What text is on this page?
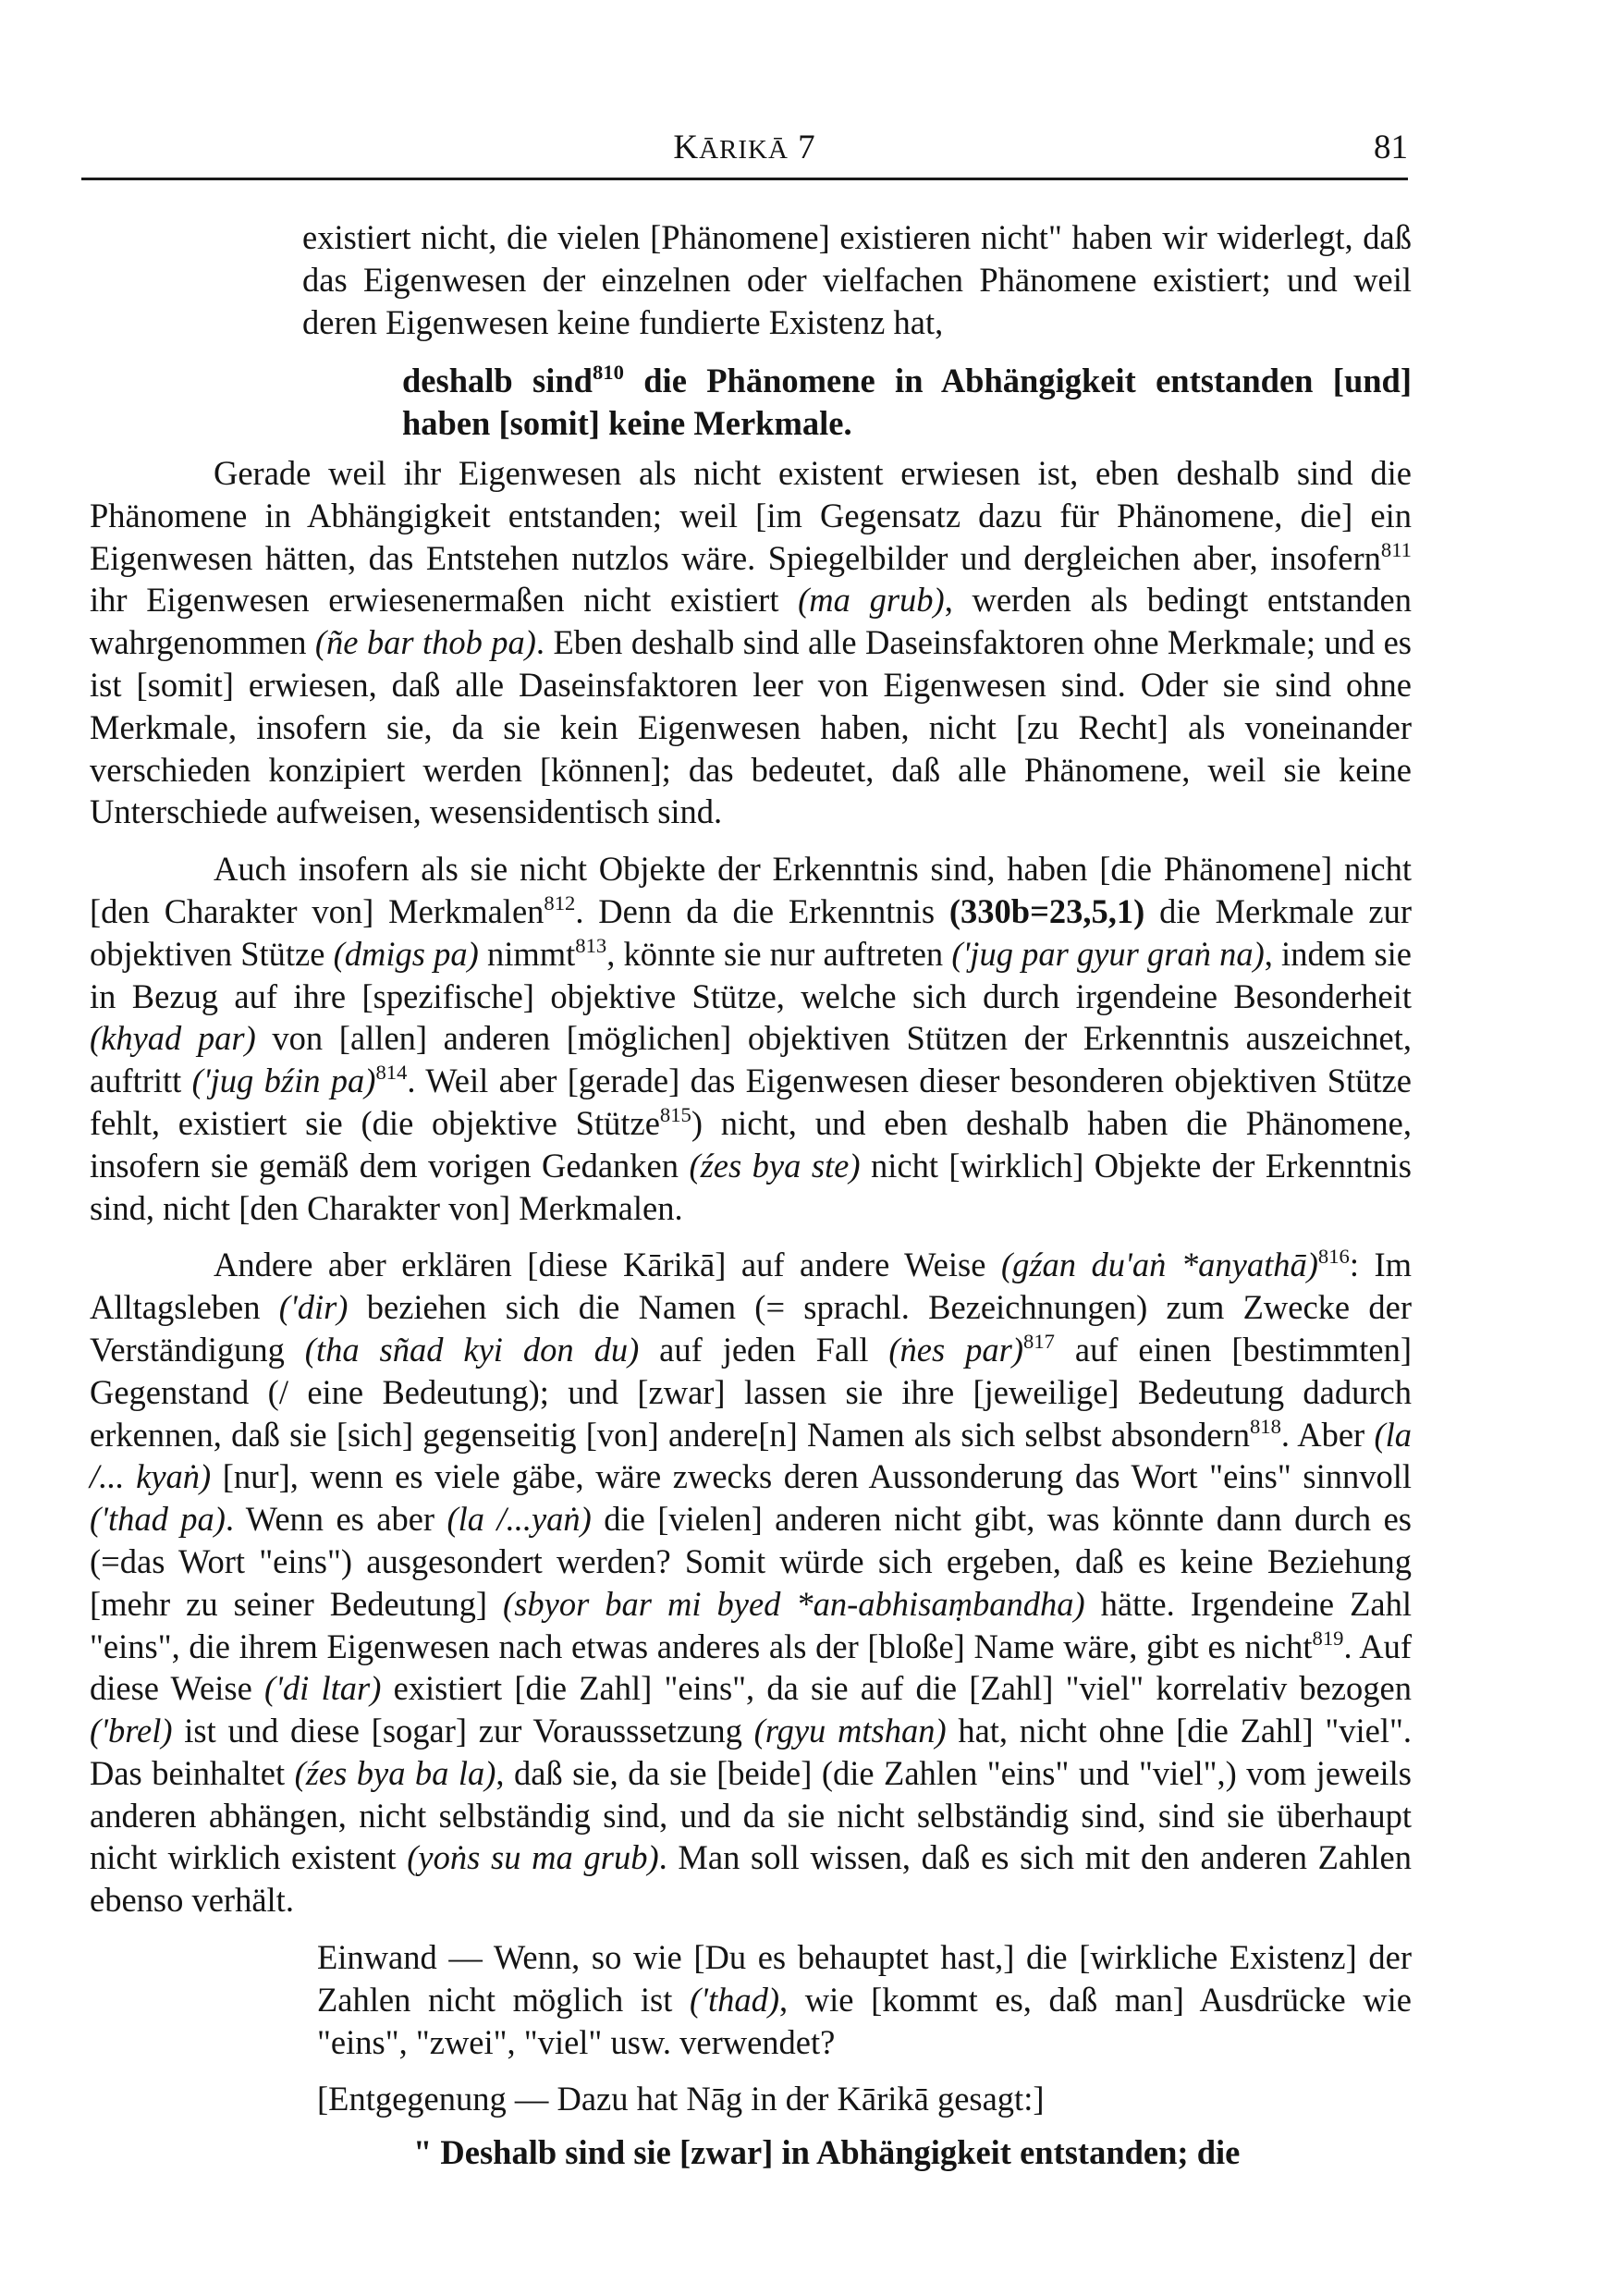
KĀRIKĀ 7	81

existiert nicht, die vielen [Phänomene] existieren nicht" haben wir widerlegt, daß das Eigenwesen der einzelnen oder vielfachen Phänomene existiert; und weil deren Eigenwesen keine fundierte Existenz hat,

deshalb sind$^{810}$ die Phänomene in Abhängigkeit entstanden [und] haben [somit] keine Merkmale.

Gerade weil ihr Eigenwesen als nicht existent erwiesen ist, eben deshalb sind die Phänomene in Abhängigkeit entstanden; weil [im Gegensatz dazu für Phänomene, die] ein Eigenwesen hätten, das Entstehen nutzlos wäre. Spiegelbilder und dergleichen aber, insofern$^{811}$ ihr Eigenwesen erwiesenermaßen nicht existiert (ma grub), werden als bedingt entstanden wahrgenommen (ñe bar thob pa). Eben deshalb sind alle Daseinsfaktoren ohne Merkmale; und es ist [somit] erwiesen, daß alle Daseinsfaktoren leer von Eigenwesen sind. Oder sie sind ohne Merkmale, insofern sie, da sie kein Eigenwesen haben, nicht [zu Recht] als voneinander verschieden konzipiert werden [können]; das bedeutet, daß alle Phänomene, weil sie keine Unterschiede aufweisen, wesensidentisch sind.

Auch insofern als sie nicht Objekte der Erkenntnis sind, haben [die Phänomene] nicht [den Charakter von] Merkmalen$^{812}$. Denn da die Erkenntnis (330b=23,5,1) die Merkmale zur objektiven Stütze (dmigs pa) nimmt$^{813}$, könnte sie nur auftreten ('jug par gyur graṅ na), indem sie in Bezug auf ihre [spezifische] objektive Stütze, welche sich durch irgendeine Besonderheit (khyad par) von [allen] anderen [möglichen] objektiven Stützen der Erkenntnis auszeichnet, auftritt ('jug bźin pa)$^{814}$. Weil aber [gerade] das Eigenwesen dieser besonderen objektiven Stütze fehlt, existiert sie (die objektive Stütze$^{815}$) nicht, und eben deshalb haben die Phänomene, insofern sie gemäß dem vorigen Gedanken (źes bya ste) nicht [wirklich] Objekte der Erkenntnis sind, nicht [den Charakter von] Merkmalen.

Andere aber erklären [diese Kārikā] auf andere Weise (gźan du'aṅ *anyathā)$^{816}$: Im Alltagsleben ('dir) beziehen sich die Namen (= sprachl. Bezeichnungen) zum Zwecke der Verständigung (tha sñad kyi don du) auf jeden Fall (ṅes par)$^{817}$ auf einen [bestimmten] Gegenstand (/ eine Bedeutung); und [zwar] lassen sie ihre [jeweilige] Bedeutung dadurch erkennen, daß sie [sich] gegenseitig [von] andere[n] Namen als sich selbst absondern$^{818}$. Aber (la /... kyaṅ) [nur], wenn es viele gäbe, wäre zwecks deren Aussonderung das Wort "eins" sinnvoll ('thad pa). Wenn es aber (la /...yaṅ) die [vielen] anderen nicht gibt, was könnte dann durch es (=das Wort "eins") ausgesondert werden? Somit würde sich ergeben, daß es keine Beziehung [mehr zu seiner Bedeutung] (sbyor bar mi byed *an-abhisaṃbandha) hätte. Irgendeine Zahl "eins", die ihrem Eigenwesen nach etwas anderes als der [bloße] Name wäre, gibt es nicht$^{819}$. Auf diese Weise ('di ltar) existiert [die Zahl] "eins", da sie auf die [Zahl] "viel" korrelativ bezogen ('brel) ist und diese [sogar] zur Vorausssetzung (rgyu mtshan) hat, nicht ohne [die Zahl] "viel". Das beinhaltet (źes bya ba la), daß sie, da sie [beide] (die Zahlen "eins" und "viel",) vom jeweils anderen abhängen, nicht selbständig sind, und da sie nicht selbständig sind, sind sie überhaupt nicht wirklich existent (yoṅs su ma grub). Man soll wissen, daß es sich mit den anderen Zahlen ebenso verhält.

Einwand — Wenn, so wie [Du es behauptet hast,] die [wirkliche Existenz] der Zahlen nicht möglich ist ('thad), wie [kommt es, daß man] Ausdrücke wie "eins", "zwei", "viel" usw. verwendet?

[Entgegenung — Dazu hat Nāg in der Kārikā gesagt:]

" Deshalb sind sie [zwar] in Abhängigkeit entstanden; die
